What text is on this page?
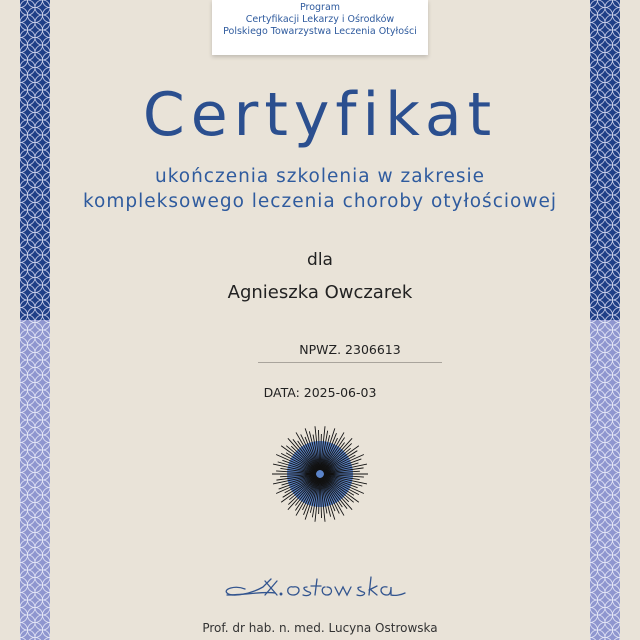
Program
Certyfikacji Lekarzy i Ośrodków
Polskiego Towarzystwa Leczenia Otyłości
Certyfikat
ukończenia szkolenia w zakresie
kompleksowego leczenia choroby otyłościowej
dla
Agnieszka Owczarek
NPWZ. 2306613
DATA: 2025-06-03
Prof. dr hab. n. med. Lucyna Ostrowska
